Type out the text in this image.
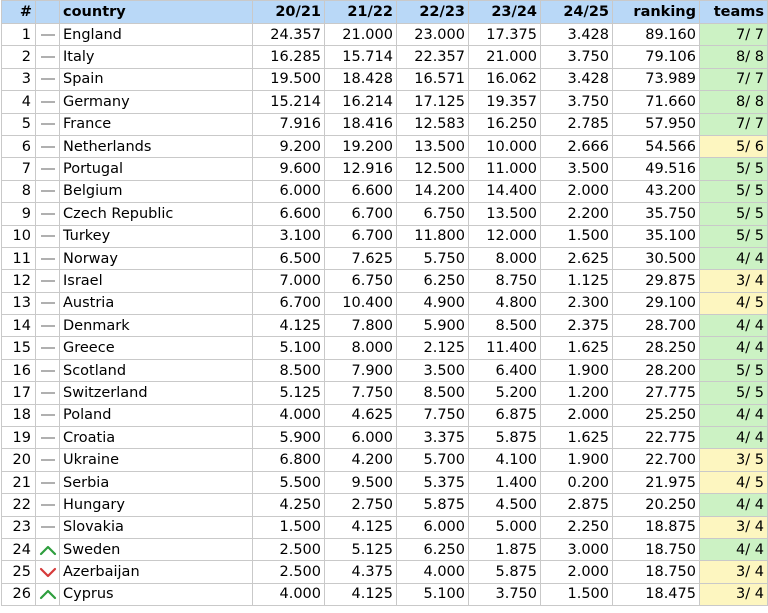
#		country	20/21	21/22	22/23	23/24	24/25	ranking	teams
1		England	24.357	21.000	23.000	17.375	3.428	89.160	7/ 7
2		Italy	16.285	15.714	22.357	21.000	3.750	79.106	8/ 8
3		Spain	19.500	18.428	16.571	16.062	3.428	73.989	7/ 7
4		Germany	15.214	16.214	17.125	19.357	3.750	71.660	8/ 8
5		France	7.916	18.416	12.583	16.250	2.785	57.950	7/ 7
6		Netherlands	9.200	19.200	13.500	10.000	2.666	54.566	5/ 6
7		Portugal	9.600	12.916	12.500	11.000	3.500	49.516	5/ 5
8		Belgium	6.000	6.600	14.200	14.400	2.000	43.200	5/ 5
9		Czech Republic	6.600	6.700	6.750	13.500	2.200	35.750	5/ 5
10		Turkey	3.100	6.700	11.800	12.000	1.500	35.100	5/ 5
11		Norway	6.500	7.625	5.750	8.000	2.625	30.500	4/ 4
12		Israel	7.000	6.750	6.250	8.750	1.125	29.875	3/ 4
13		Austria	6.700	10.400	4.900	4.800	2.300	29.100	4/ 5
14		Denmark	4.125	7.800	5.900	8.500	2.375	28.700	4/ 4
15		Greece	5.100	8.000	2.125	11.400	1.625	28.250	4/ 4
16		Scotland	8.500	7.900	3.500	6.400	1.900	28.200	5/ 5
17		Switzerland	5.125	7.750	8.500	5.200	1.200	27.775	5/ 5
18		Poland	4.000	4.625	7.750	6.875	2.000	25.250	4/ 4
19		Croatia	5.900	6.000	3.375	5.875	1.625	22.775	4/ 4
20		Ukraine	6.800	4.200	5.700	4.100	1.900	22.700	3/ 5
21		Serbia	5.500	9.500	5.375	1.400	0.200	21.975	4/ 5
22		Hungary	4.250	2.750	5.875	4.500	2.875	20.250	4/ 4
23		Slovakia	1.500	4.125	6.000	5.000	2.250	18.875	3/ 4
24		Sweden	2.500	5.125	6.250	1.875	3.000	18.750	4/ 4
25		Azerbaijan	2.500	4.375	4.000	5.875	2.000	18.750	3/ 4
26		Cyprus	4.000	4.125	5.100	3.750	1.500	18.475	3/ 4
